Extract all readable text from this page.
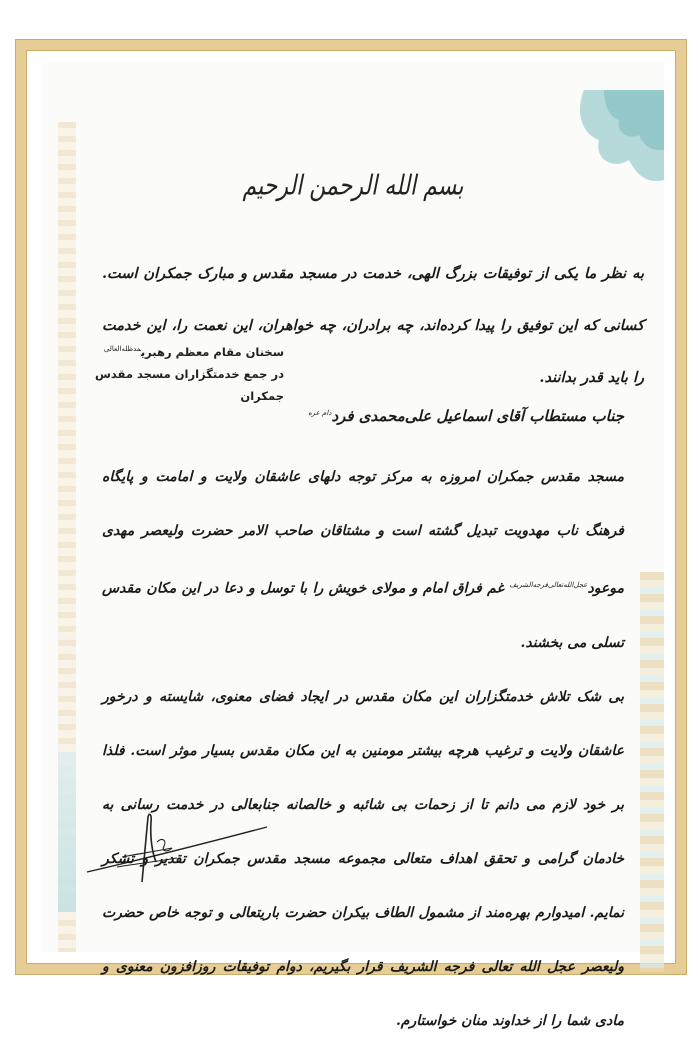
بسم الله الرحمن الرحیم
به نظر ما یکی از توفیقات بزرگ الهی، خدمت در مسجد مقدس و مبارک جمکران است. کسانی که این توفیق را پیدا کرده‌اند، چه برادران، چه خواهران، این نعمت را، این خدمت را باید قدر بدانند.
سخنان مقام معظم رهبری$^{مدظله‌العالی}$
در جمع خدمتگزاران مسجد مقدس جمکران
جناب مستطاب آقای اسماعیل علی‌محمدی فرد$^{دام عزه}$

مسجد مقدس جمکران امروزه به مرکز توجه دلهای عاشقان ولایت و امامت و پایگاه فرهنگ ناب مهدویت تبدیل گشته است و مشتاقان صاحب الامر حضرت ولیعصر مهدی موعود$^{عجل‌الله‌تعالی‌فرجه‌الشریف}$ غم فراق امام و مولای خویش را با توسل و دعا در این مکان مقدس تسلی می بخشند.

بی شک تلاش خدمتگزاران این مکان مقدس در ایجاد فضای معنوی، شایسته و درخور عاشقان ولایت و ترغیب هرچه بیشتر مومنین به این مکان مقدس بسیار موثر است. فلذا بر خود لازم می دانم تا از زحمات بی شائبه و خالصانه جنابعالی در خدمت رسانی به خادمان گرامی و تحقق اهداف متعالی مجموعه مسجد مقدس جمکران تقدیر و تشکر نمایم. امیدوارم بهره‌مند از مشمول الطاف بیکران حضرت باریتعالی و توجه خاص حضرت ولیعصر عجل الله تعالی فرجه الشریف قرار بگیریم، دوام توفیقات روزافزون معنوی و مادی شما را از خداوند منان خواستارم.
